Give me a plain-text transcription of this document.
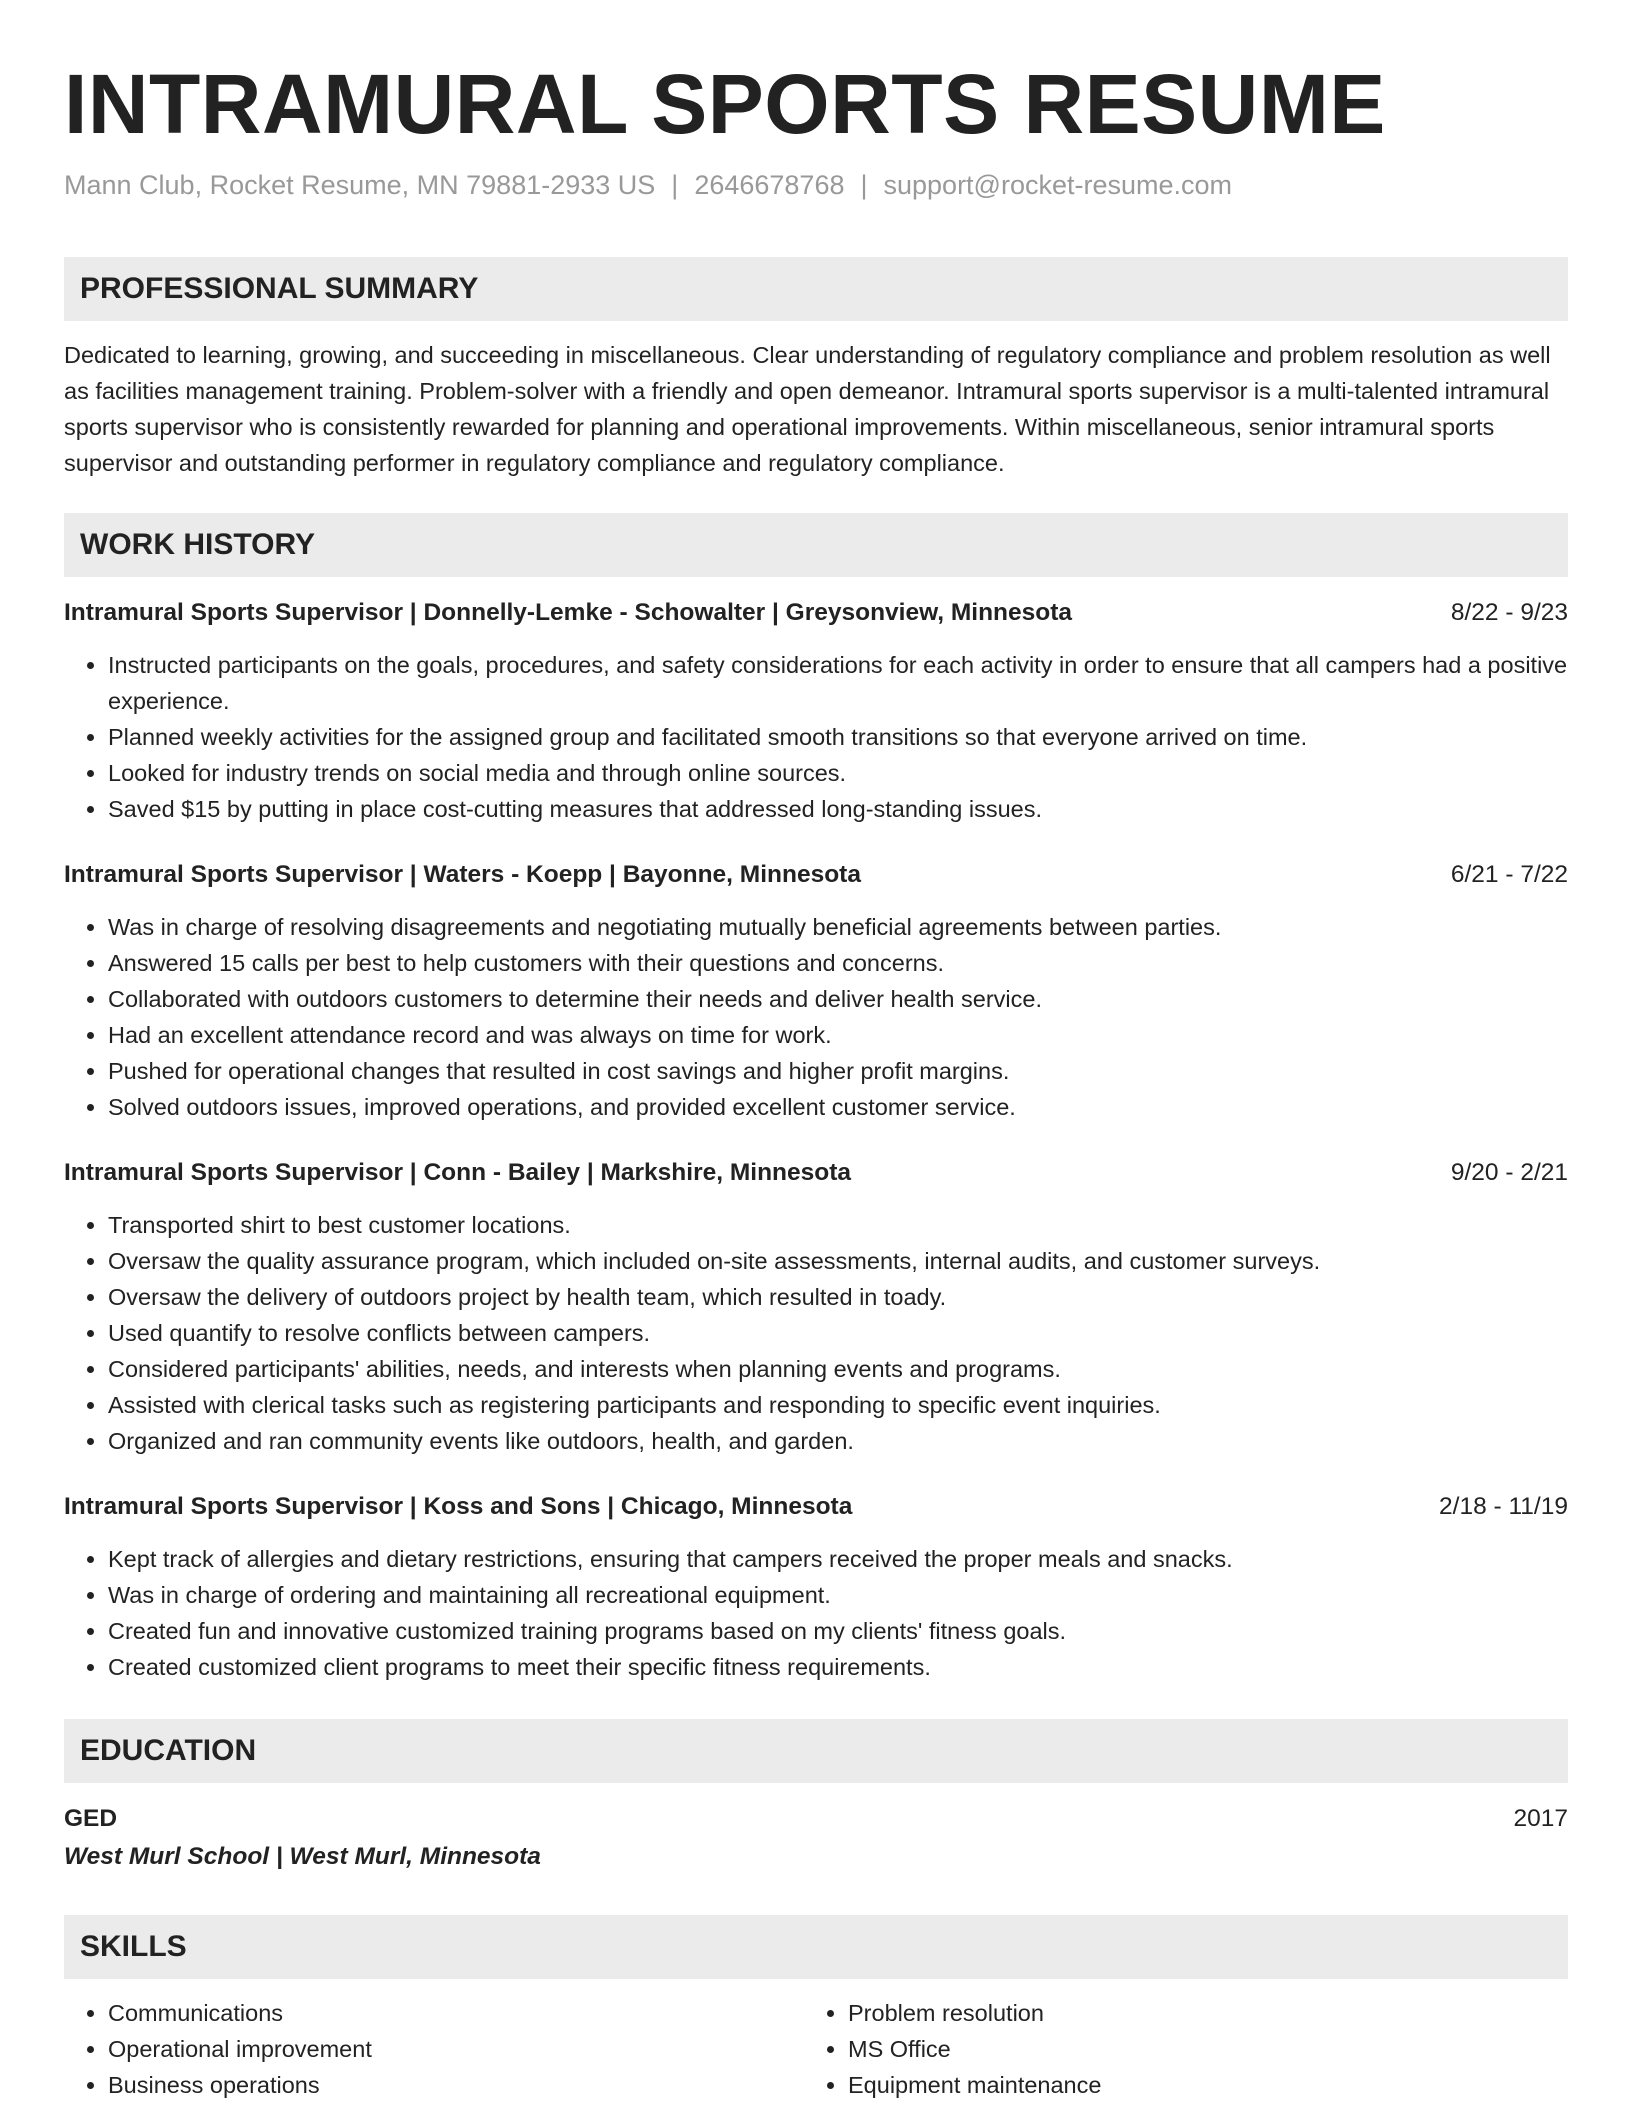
INTRAMURAL SPORTS RESUME
Mann Club, Rocket Resume, MN 79881-2933 US | 2646678768 | support@rocket-resume.com
PROFESSIONAL SUMMARY
Dedicated to learning, growing, and succeeding in miscellaneous. Clear understanding of regulatory compliance and problem resolution as well as facilities management training. Problem-solver with a friendly and open demeanor. Intramural sports supervisor is a multi-talented intramural sports supervisor who is consistently rewarded for planning and operational improvements. Within miscellaneous, senior intramural sports supervisor and outstanding performer in regulatory compliance and regulatory compliance.
WORK HISTORY
Intramural Sports Supervisor | Donnelly-Lemke - Schowalter | Greysonview, Minnesota	8/22 - 9/23
• Instructed participants on the goals, procedures, and safety considerations for each activity in order to ensure that all campers had a positive experience.
• Planned weekly activities for the assigned group and facilitated smooth transitions so that everyone arrived on time.
• Looked for industry trends on social media and through online sources.
• Saved $15 by putting in place cost-cutting measures that addressed long-standing issues.
Intramural Sports Supervisor | Waters - Koepp | Bayonne, Minnesota	6/21 - 7/22
• Was in charge of resolving disagreements and negotiating mutually beneficial agreements between parties.
• Answered 15 calls per best to help customers with their questions and concerns.
• Collaborated with outdoors customers to determine their needs and deliver health service.
• Had an excellent attendance record and was always on time for work.
• Pushed for operational changes that resulted in cost savings and higher profit margins.
• Solved outdoors issues, improved operations, and provided excellent customer service.
Intramural Sports Supervisor | Conn - Bailey | Markshire, Minnesota	9/20 - 2/21
• Transported shirt to best customer locations.
• Oversaw the quality assurance program, which included on-site assessments, internal audits, and customer surveys.
• Oversaw the delivery of outdoors project by health team, which resulted in toady.
• Used quantify to resolve conflicts between campers.
• Considered participants' abilities, needs, and interests when planning events and programs.
• Assisted with clerical tasks such as registering participants and responding to specific event inquiries.
• Organized and ran community events like outdoors, health, and garden.
Intramural Sports Supervisor | Koss and Sons | Chicago, Minnesota	2/18 - 11/19
• Kept track of allergies and dietary restrictions, ensuring that campers received the proper meals and snacks.
• Was in charge of ordering and maintaining all recreational equipment.
• Created fun and innovative customized training programs based on my clients' fitness goals.
• Created customized client programs to meet their specific fitness requirements.
EDUCATION
GED	2017
West Murl School | West Murl, Minnesota
SKILLS
• Communications
• Operational improvement
• Business operations
• Problem resolution
• MS Office
• Equipment maintenance
